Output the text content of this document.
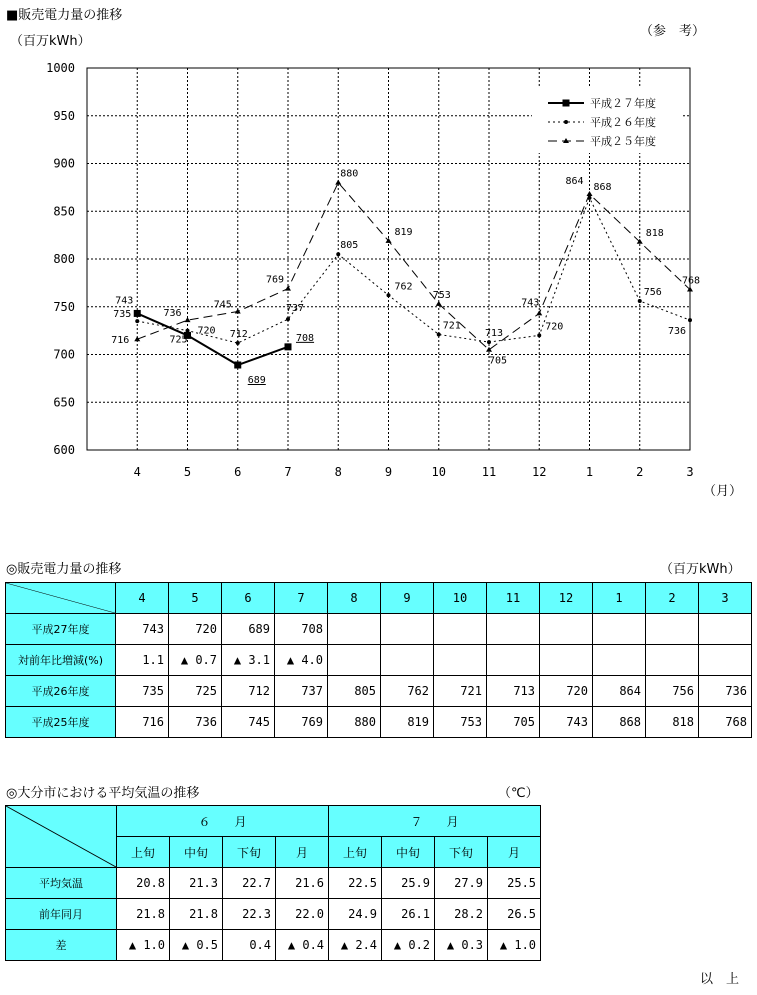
■販売電力量の推移
（百万kWh）
（参　考）
1000
950
900
850
800
750
700
650
600
4	5	6	7	8	9	10	11	12	1	2	3
743
720
689
708
735
725
712
737
805
762
721
713
720
864
756
736
716
736
745
769
880
819
753
705
743
868
818
768
平成２７年度
平成２６年度
平成２５年度
（月）
◎販売電力量の推移	（百万kWh）
	4	5	6	7	8	9	10	11	12	1	2	3
平成27年度	743	720	689	708								
対前年比増減(%)	1.1	▲ 0.7	▲ 3.1	▲ 4.0								
平成26年度	735	725	712	737	805	762	721	713	720	864	756	736
平成25年度	716	736	745	769	880	819	753	705	743	868	818	768
◎大分市における平均気温の推移	（℃）
	６　　月				７　　月			
	上旬	中旬	下旬	月	上旬	中旬	下旬	月
平均気温	20.8	21.3	22.7	21.6	22.5	25.9	27.9	25.5
前年同月	21.8	21.8	22.3	22.0	24.9	26.1	28.2	26.5
差	▲ 1.0	▲ 0.5	0.4	▲ 0.4	▲ 2.4	▲ 0.2	▲ 0.3	▲ 1.0
以　上
